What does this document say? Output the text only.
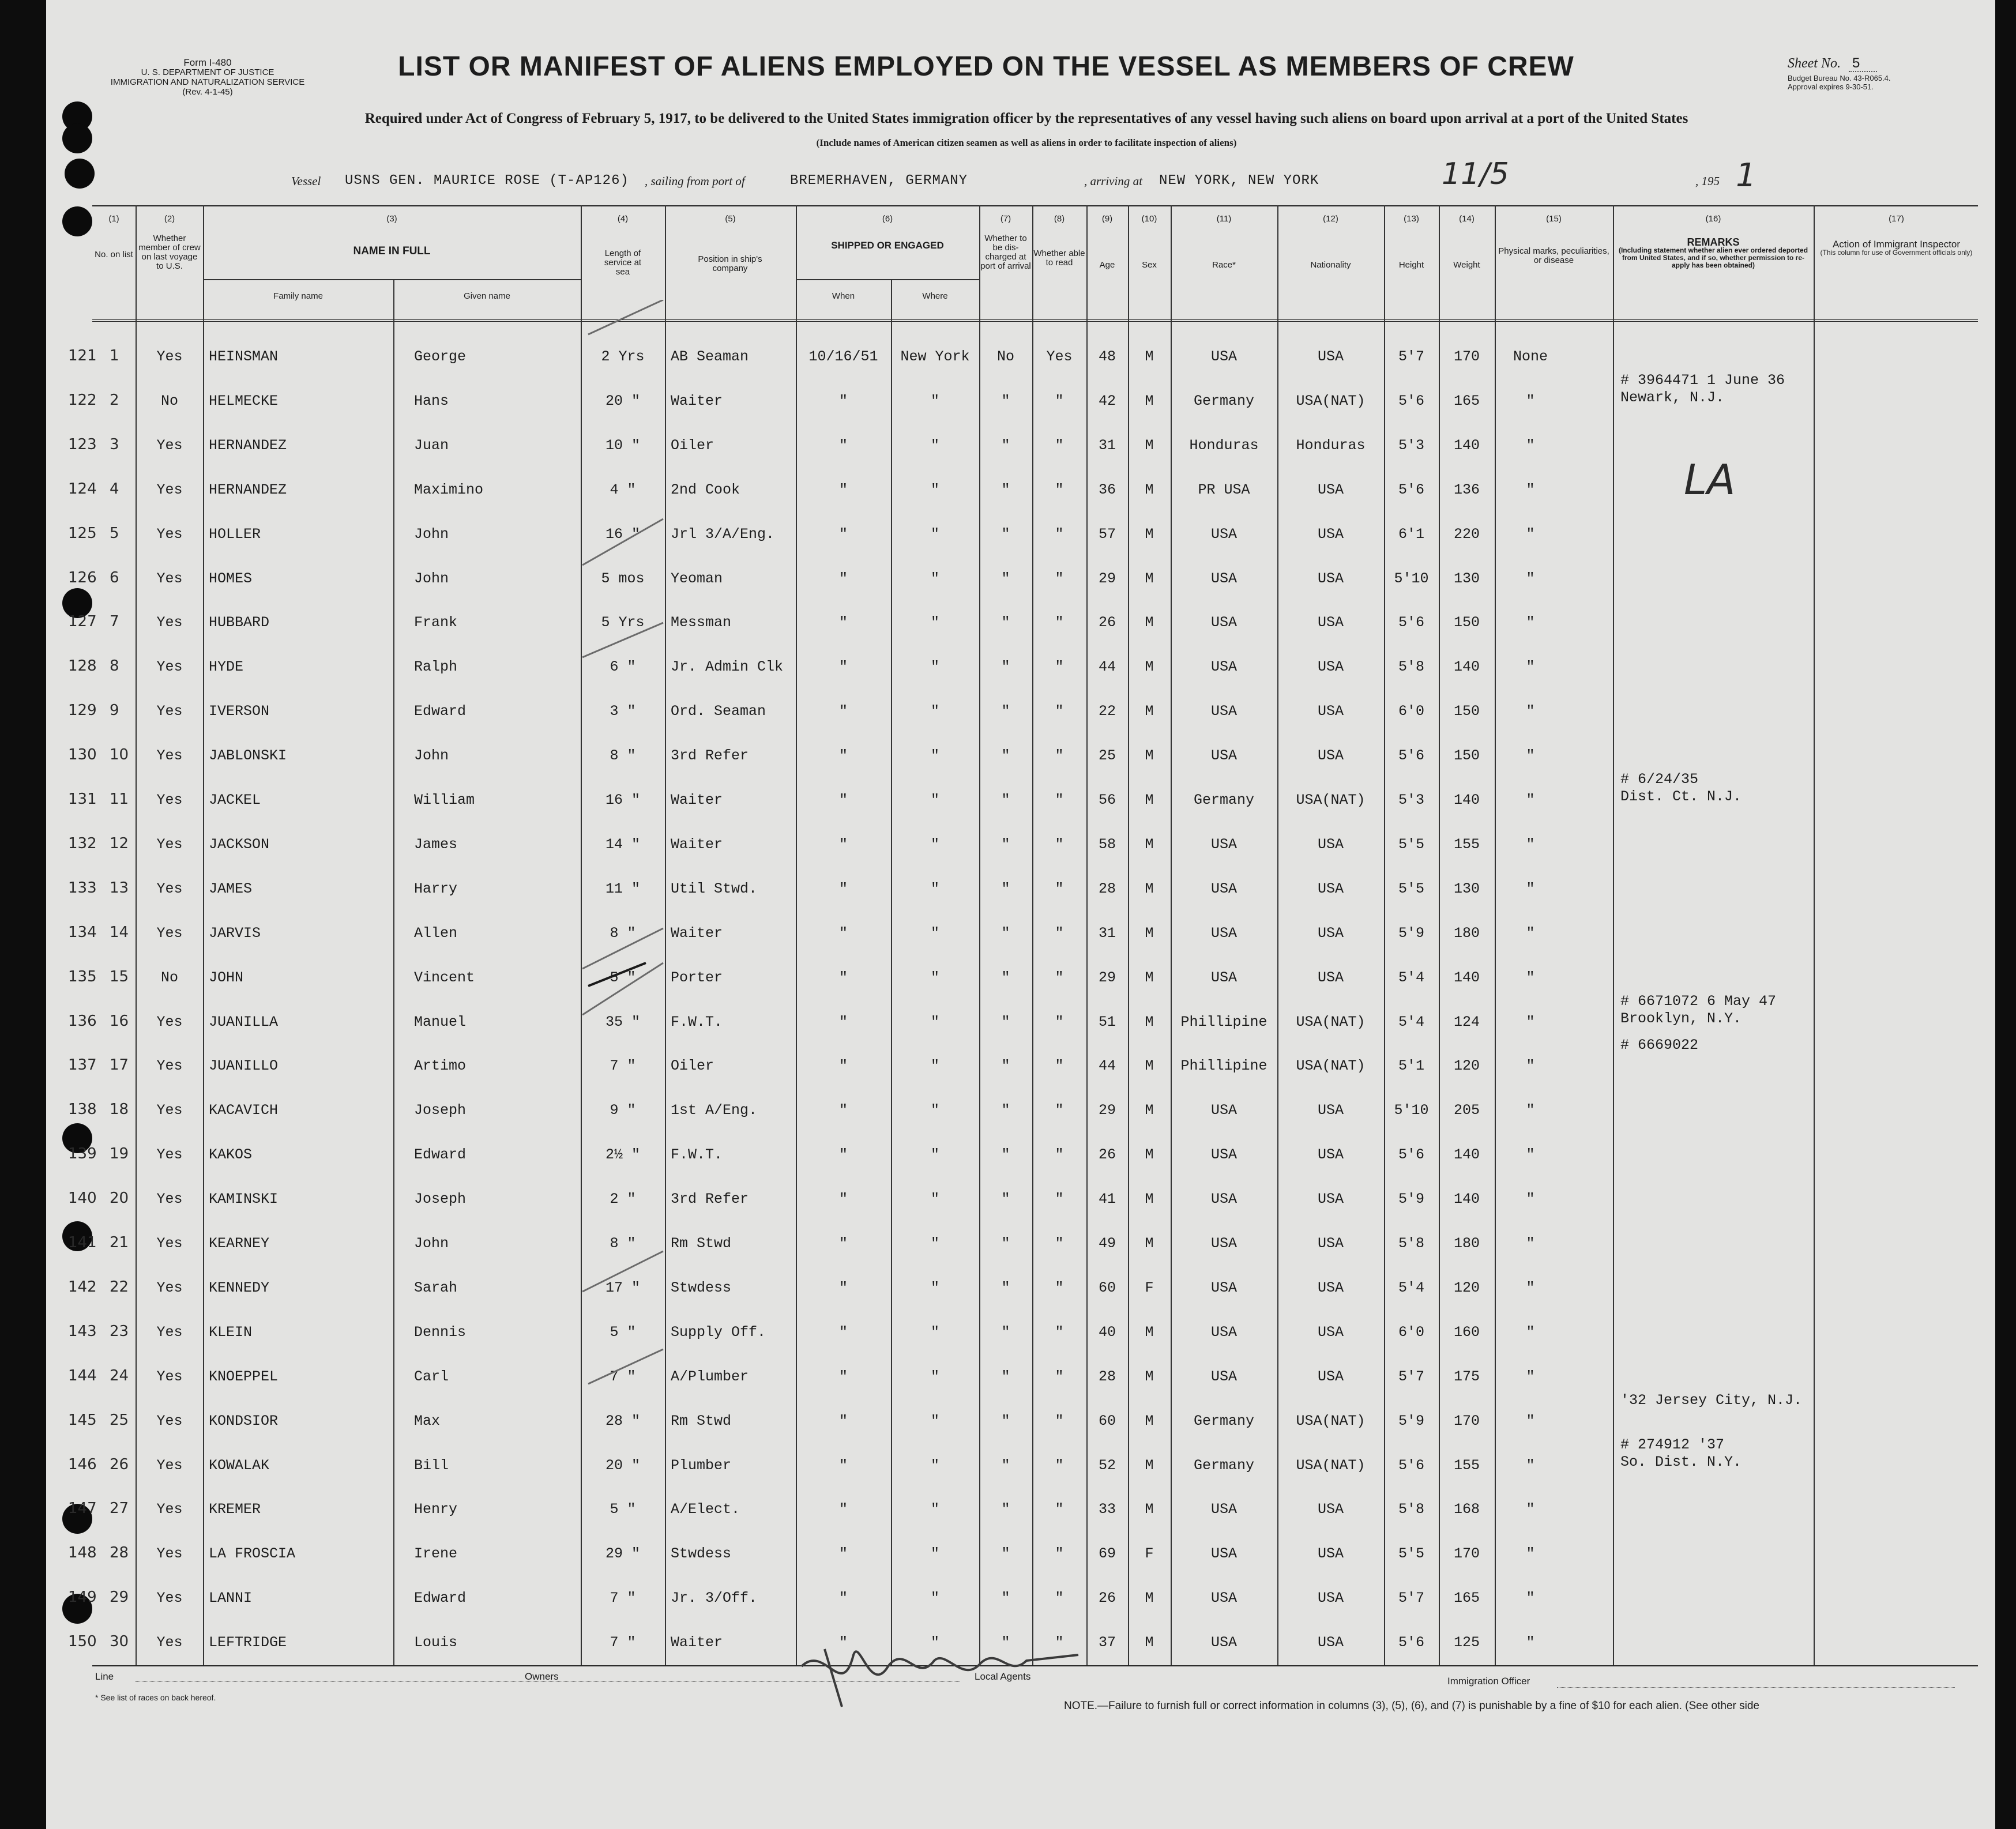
Form I-480
U. S. DEPARTMENT OF JUSTICE
IMMIGRATION AND NATURALIZATION SERVICE
(Rev. 4-1-45)
LIST OR MANIFEST OF ALIENS EMPLOYED ON THE VESSEL AS MEMBERS OF CREW	Sheet No. 5
Budget Bureau No. 43-R065.4.
Approval expires 9-30-51.
Required under Act of Congress of February 5, 1917, to be delivered to the United States immigration officer by the representatives of any vessel having such aliens on board upon arrival at a port of the United States
(Include names of American citizen seamen as well as aliens in order to facilitate inspection of aliens)
Vessel USNS GEN. MAURICE ROSE (T-AP126) , sailing from port of	BREMERHAVEN, GERMANY	, arriving at NEW YORK, NEW YORK	11/5	, 195 1
(1)
No. on list
(2)
Whether member of crew on last voyage to U.S.
(3)
NAME IN FULL
Family name	Given name
(4)
Length of service at sea
(5)
Position in ship's company
(6)
SHIPPED OR ENGAGED
When	Where
(7)
Whether to be dis-charged at port of arrival
(8)
Whether able to read
(9)
Age
(10)
Sex
(11)
Race*
(12)
Nationality
(13)
Height
(14)
Weight
(15)
Physical marks, peculiarities, or disease
(16)
REMARKS
(Including statement whether alien ever ordered deported from United States, and if so, whether permission to re-apply has been obtained)
(17)
Action of Immigrant Inspector
(This column for use of Government officials only)
121 1	Yes	HEINSMAN	George	2 Yrs	AB Seaman	10/16/51	New York	No	Yes	48	M	USA	USA	5'7	170	None
122 2	No	HELMECKE	Hans	20 "	Waiter	"	"	"	"	42	M	Germany	USA(NAT)	5'6	165	"
# 3964471 1 June 36
Newark, N.J.
123 3	Yes	HERNANDEZ	Juan	10 "	Oiler	"	"	"	"	31	M	Honduras	Honduras	5'3	140	"
124 4	Yes	HERNANDEZ	Maximino	4 "	2nd Cook	"	"	"	"	36	M	PR USA	USA	5'6	136	"
125 5	Yes	HOLLER	John	16 "	Jrl 3/A/Eng.	"	"	"	"	57	M	USA	USA	6'1	220	"
126 6	Yes	HOMES	John	5 mos	Yeoman	"	"	"	"	29	M	USA	USA	5'10	130	"
127 7	Yes	HUBBARD	Frank	5 Yrs	Messman	"	"	"	"	26	M	USA	USA	5'6	150	"
128 8	Yes	HYDE	Ralph	6 "	Jr. Admin Clk	"	"	"	"	44	M	USA	USA	5'8	140	"
129 9	Yes	IVERSON	Edward	3 "	Ord. Seaman	"	"	"	"	22	M	USA	USA	6'0	150	"
130 10	Yes	JABLONSKI	John	8 "	3rd Refer	"	"	"	"	25	M	USA	USA	5'6	150	"
131 11	Yes	JACKEL	William	16 "	Waiter	"	"	"	"	56	M	Germany	USA(NAT)	5'3	140	"
# 6/24/35
Dist. Ct. N.J.
132 12	Yes	JACKSON	James	14 "	Waiter	"	"	"	"	58	M	USA	USA	5'5	155	"
133 13	Yes	JAMES	Harry	11 "	Util Stwd.	"	"	"	"	28	M	USA	USA	5'5	130	"
134 14	Yes	JARVIS	Allen	8 "	Waiter	"	"	"	"	31	M	USA	USA	5'9	180	"
135 15	No	JOHN	Vincent	5 "	Porter	"	"	"	"	29	M	USA	USA	5'4	140	"
136 16	Yes	JUANILLA	Manuel	35 "	F.W.T.	"	"	"	"	51	M	Phillipine	USA(NAT)	5'4	124	"
# 6671072 6 May 47
Brooklyn, N.Y.
137 17	Yes	JUANILLO	Artimo	7 "	Oiler	"	"	"	"	44	M	Phillipine	USA(NAT)	5'1	120	"
# 6669022
138 18	Yes	KACAVICH	Joseph	9 "	1st A/Eng.	"	"	"	"	29	M	USA	USA	5'10	205	"
139 19	Yes	KAKOS	Edward	2½ "	F.W.T.	"	"	"	"	26	M	USA	USA	5'6	140	"
140 20	Yes	KAMINSKI	Joseph	2 "	3rd Refer	"	"	"	"	41	M	USA	USA	5'9	140	"
141 21	Yes	KEARNEY	John	8 "	Rm Stwd	"	"	"	"	49	M	USA	USA	5'8	180	"
142 22	Yes	KENNEDY	Sarah	17 "	Stwdess	"	"	"	"	60	F	USA	USA	5'4	120	"
143 23	Yes	KLEIN	Dennis	5 "	Supply Off.	"	"	"	"	40	M	USA	USA	6'0	160	"
144 24	Yes	KNOEPPEL	Carl	7 "	A/Plumber	"	"	"	"	28	M	USA	USA	5'7	175	"
145 25	Yes	KONDSIOR	Max	28 "	Rm Stwd	"	"	"	"	60	M	Germany	USA(NAT)	5'9	170	"
'32 Jersey City, N.J.
146 26	Yes	KOWALAK	Bill	20 "	Plumber	"	"	"	"	52	M	Germany	USA(NAT)	5'6	155	"
# 274912 '37
So. Dist. N.Y.
147 27	Yes	KREMER	Henry	5 "	A/Elect.	"	"	"	"	33	M	USA	USA	5'8	168	"
148 28	Yes	LA FROSCIA	Irene	29 "	Stwdess	"	"	"	"	69	F	USA	USA	5'5	170	"
149 29	Yes	LANNI	Edward	7 "	Jr. 3/Off.	"	"	"	"	26	M	USA	USA	5'7	165	"
150 30	Yes	LEFTRIDGE	Louis	7 "	Waiter	"	"	"	"	37	M	USA	USA	5'6	125	"
LA
Line	Owners	Local Agents	Immigration Officer
* See list of races on back hereof.
NOTE.—Failure to furnish full or correct information in columns (3), (5), (6), and (7) is punishable by a fine of $10 for each alien. (See other side
